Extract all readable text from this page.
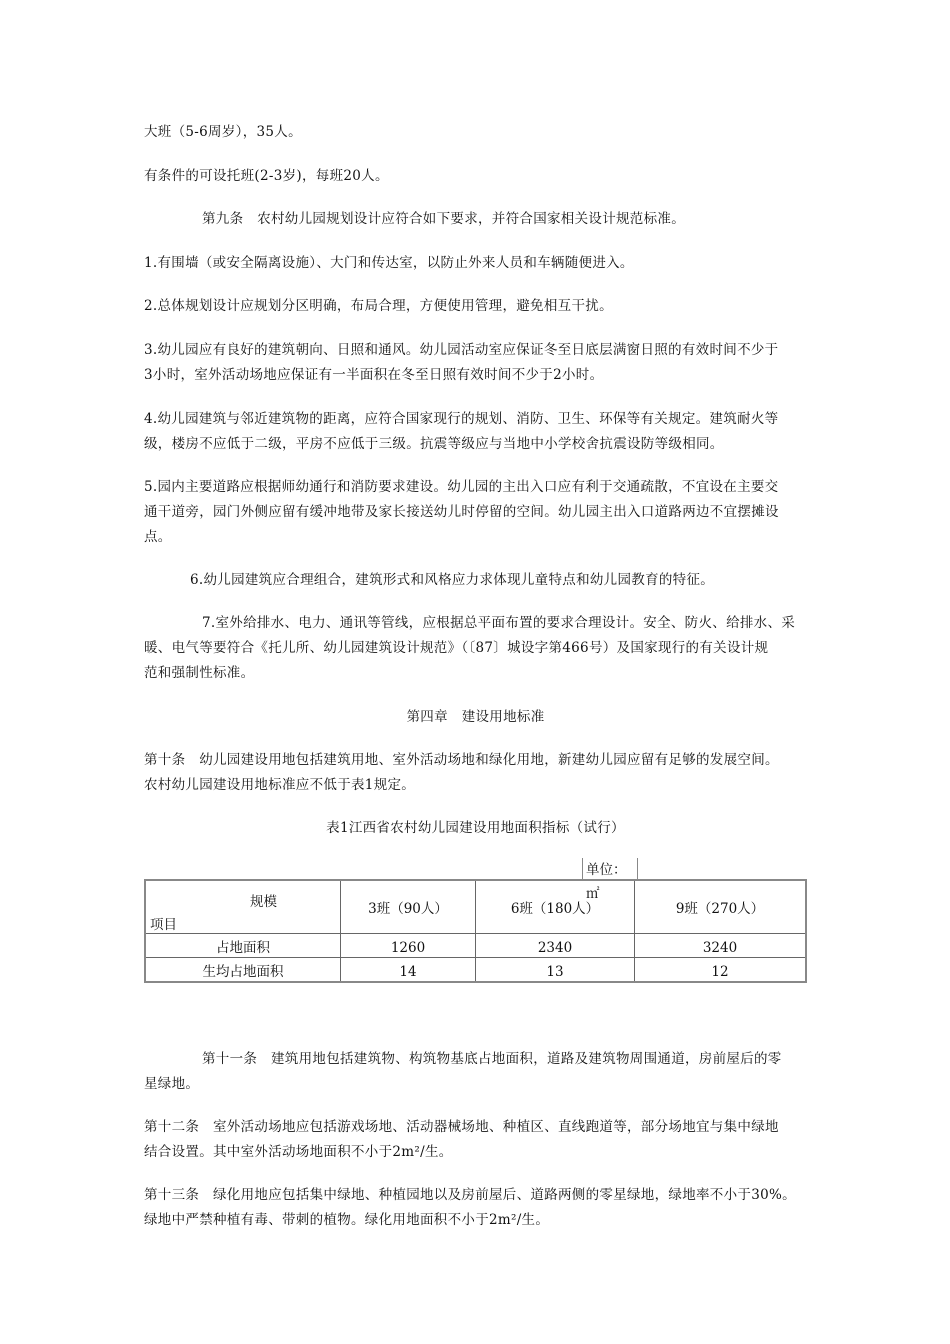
大班（5-6周岁），35人。
有条件的可设托班(2-3岁)，每班20人。
第九条　农村幼儿园规划设计应符合如下要求，并符合国家相关设计规范标准。
1.有围墙（或安全隔离设施）、大门和传达室，以防止外来人员和车辆随便进入。
2.总体规划设计应规划分区明确，布局合理，方便使用管理，避免相互干扰。
3.幼儿园应有良好的建筑朝向、日照和通风。幼儿园活动室应保证冬至日底层满窗日照的有效时间不少于
3小时，室外活动场地应保证有一半面积在冬至日照有效时间不少于2小时。
4.幼儿园建筑与邻近建筑物的距离，应符合国家现行的规划、消防、卫生、环保等有关规定。建筑耐火等
级，楼房不应低于二级，平房不应低于三级。抗震等级应与当地中小学校舍抗震设防等级相同。
5.园内主要道路应根据师幼通行和消防要求建设。幼儿园的主出入口应有利于交通疏散，不宜设在主要交
通干道旁，园门外侧应留有缓冲地带及家长接送幼儿时停留的空间。幼儿园主出入口道路两边不宜摆摊设
点。
6.幼儿园建筑应合理组合，建筑形式和风格应力求体现儿童特点和幼儿园教育的特征。
7.室外给排水、电力、通讯等管线，应根据总平面布置的要求合理设计。安全、防火、给排水、采
暖、电气等要符合《托儿所、幼儿园建筑设计规范》（〔87〕城设字第466号）及国家现行的有关设计规
范和强制性标准。
第四章　建设用地标准
第十条　幼儿园建设用地包括建筑用地、室外活动场地和绿化用地，新建幼儿园应留有足够的发展空间。
农村幼儿园建设用地标准应不低于表1规定。
表1江西省农村幼儿园建设用地面积指标（试行）
单位：㎡
规模
项目	3班（90人）	6班（180人）	9班（270人）
占地面积	1260	2340	3240
生均占地面积	14	13	12
第十一条　建筑用地包括建筑物、构筑物基底占地面积，道路及建筑物周围通道，房前屋后的零
星绿地。
第十二条　室外活动场地应包括游戏场地、活动器械场地、种植区、直线跑道等，部分场地宜与集中绿地
结合设置。其中室外活动场地面积不小于2m²/生。
第十三条　绿化用地应包括集中绿地、种植园地以及房前屋后、道路两侧的零星绿地，绿地率不小于30%。
绿地中严禁种植有毒、带刺的植物。绿化用地面积不小于2m²/生。
